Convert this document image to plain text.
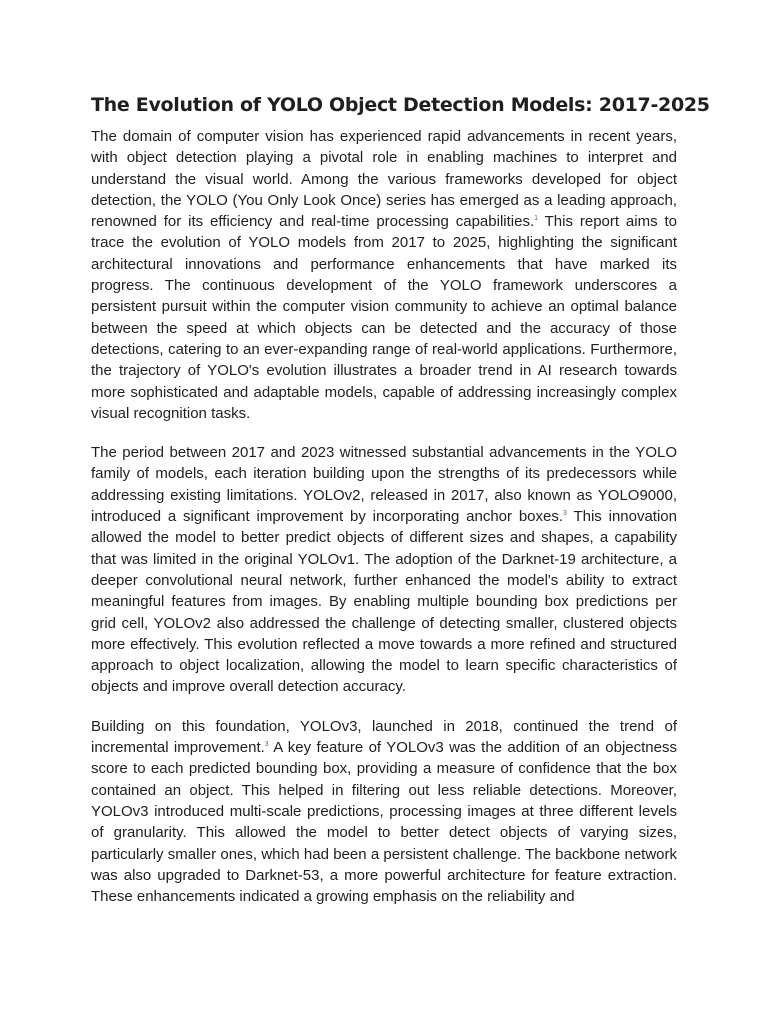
The Evolution of YOLO Object Detection Models: 2017-2025

The domain of computer vision has experienced rapid advancements in recent years, with object detection playing a pivotal role in enabling machines to interpret and understand the visual world. Among the various frameworks developed for object detection, the YOLO (You Only Look Once) series has emerged as a leading approach, renowned for its efficiency and real-time processing capabilities.$^1$ This report aims to trace the evolution of YOLO models from 2017 to 2025, highlighting the significant architectural innovations and performance enhancements that have marked its progress. The continuous development of the YOLO framework underscores a persistent pursuit within the computer vision community to achieve an optimal balance between the speed at which objects can be detected and the accuracy of those detections, catering to an ever-expanding range of real-world applications. Furthermore, the trajectory of YOLO's evolution illustrates a broader trend in AI research towards more sophisticated and adaptable models, capable of addressing increasingly complex visual recognition tasks.

The period between 2017 and 2023 witnessed substantial advancements in the YOLO family of models, each iteration building upon the strengths of its predecessors while addressing existing limitations. YOLOv2, released in 2017, also known as YOLO9000, introduced a significant improvement by incorporating anchor boxes.$^3$ This innovation allowed the model to better predict objects of different sizes and shapes, a capability that was limited in the original YOLOv1. The adoption of the Darknet-19 architecture, a deeper convolutional neural network, further enhanced the model's ability to extract meaningful features from images. By enabling multiple bounding box predictions per grid cell, YOLOv2 also addressed the challenge of detecting smaller, clustered objects more effectively. This evolution reflected a move towards a more refined and structured approach to object localization, allowing the model to learn specific characteristics of objects and improve overall detection accuracy.

Building on this foundation, YOLOv3, launched in 2018, continued the trend of incremental improvement.$^3$ A key feature of YOLOv3 was the addition of an objectness score to each predicted bounding box, providing a measure of confidence that the box contained an object. This helped in filtering out less reliable detections. Moreover, YOLOv3 introduced multi-scale predictions, processing images at three different levels of granularity. This allowed the model to better detect objects of varying sizes, particularly smaller ones, which had been a persistent challenge. The backbone network was also upgraded to Darknet-53, a more powerful architecture for feature extraction. These enhancements indicated a growing emphasis on the reliability and
